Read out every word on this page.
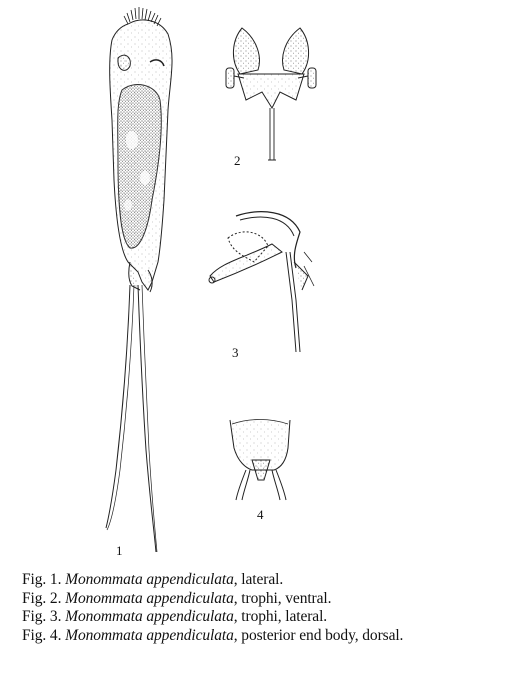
1
2
3
4
Fig. 1. Monommata appendiculata, lateral.
Fig. 2. Monommata appendiculata, trophi, ventral.
Fig. 3. Monommata appendiculata, trophi, lateral.
Fig. 4. Monommata appendiculata, posterior end body, dorsal.
